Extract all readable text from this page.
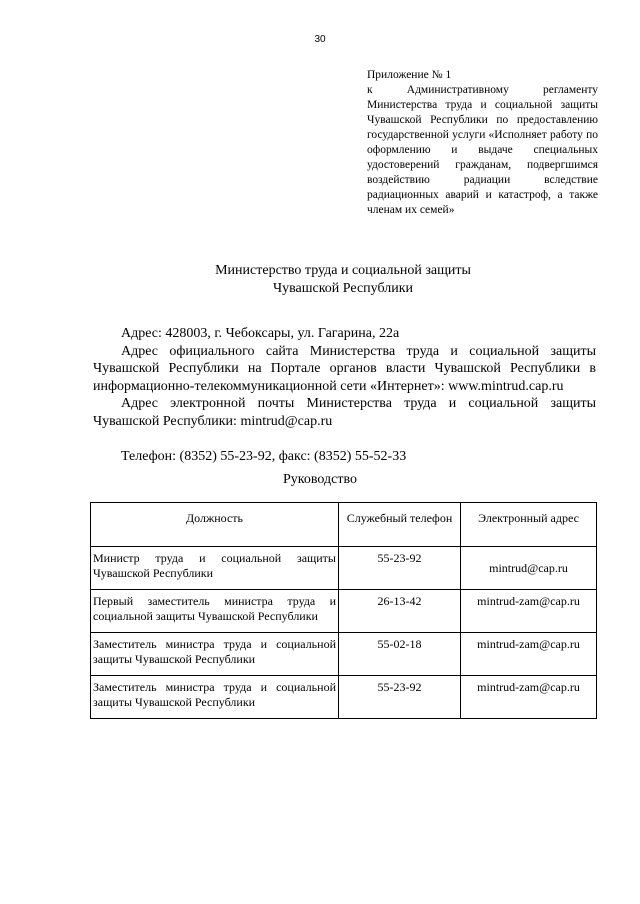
30
Приложение № 1
к Административному регламенту Министерства труда и социальной защиты Чувашской Республики по предоставлению государственной услуги «Исполняет работу по оформлению и выдаче специальных удостоверений гражданам, подвергшимся воздействию радиации вследствие радиационных аварий и катастроф, а также членам их семей»
Министерство труда и социальной защиты
Чувашской Республики

Адрес: 428003, г. Чебоксары, ул. Гагарина, 22а

Адрес официального сайта Министерства труда и социальной защиты Чувашской Республики на Портале органов власти Чувашской Республики в информационно-телекоммуникационной сети «Интернет»: www.mintrud.cap.ru

Адрес электронной почты Министерства труда и социальной защиты Чувашской Республики: mintrud@cap.ru

Телефон: (8352) 55-23-92, факс: (8352) 55-52-33

Руководство
Должность	Служебный телефон	Электронный адрес
Министр труда и социальной защиты Чувашской Республики	55-23-92	mintrud@cap.ru
Первый заместитель министра труда и социальной защиты Чувашской Республики	26-13-42	mintrud-zam@cap.ru
Заместитель министра труда и социальной защиты Чувашской Республики	55-02-18	mintrud-zam@cap.ru
Заместитель министра труда и социальной защиты Чувашской Республики	55-23-92	mintrud-zam@cap.ru
